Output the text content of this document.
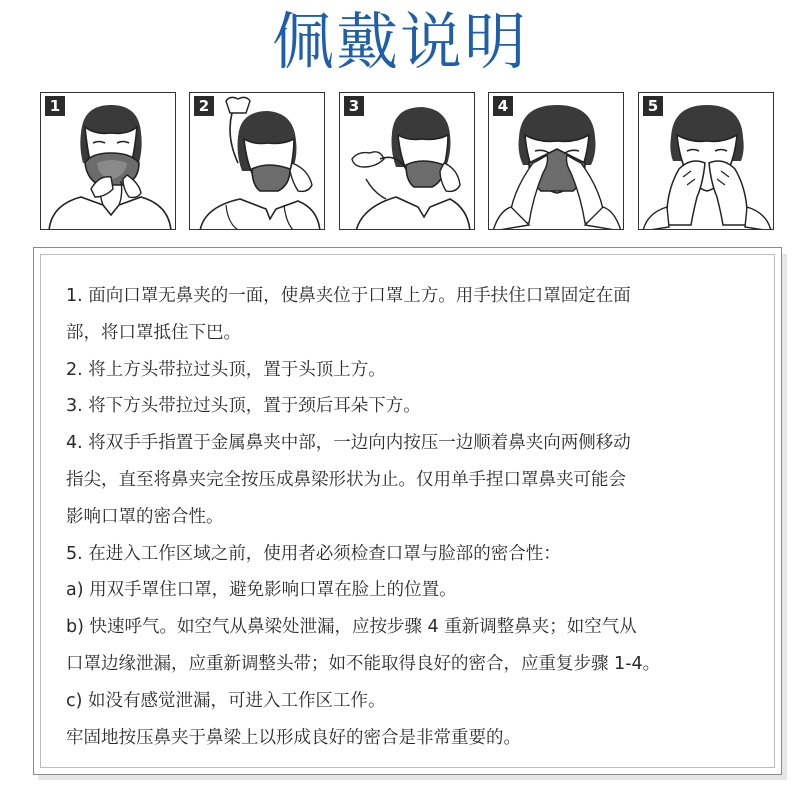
佩戴说明
1	2	3	4	5
1. 面向口罩无鼻夹的一面，使鼻夹位于口罩上方。用手扶住口罩固定在面
部，将口罩抵住下巴。
2. 将上方头带拉过头顶，置于头顶上方。
3. 将下方头带拉过头顶，置于颈后耳朵下方。
4. 将双手手指置于金属鼻夹中部，一边向内按压一边顺着鼻夹向两侧移动
指尖，直至将鼻夹完全按压成鼻梁形状为止。仅用单手捏口罩鼻夹可能会
影响口罩的密合性。
5. 在进入工作区域之前，使用者必须检查口罩与脸部的密合性：
a) 用双手罩住口罩，避免影响口罩在脸上的位置。
b) 快速呼气。如空气从鼻梁处泄漏，应按步骤 4 重新调整鼻夹；如空气从
口罩边缘泄漏，应重新调整头带；如不能取得良好的密合，应重复步骤 1-4。
c) 如没有感觉泄漏，可进入工作区工作。
牢固地按压鼻夹于鼻梁上以形成良好的密合是非常重要的。
